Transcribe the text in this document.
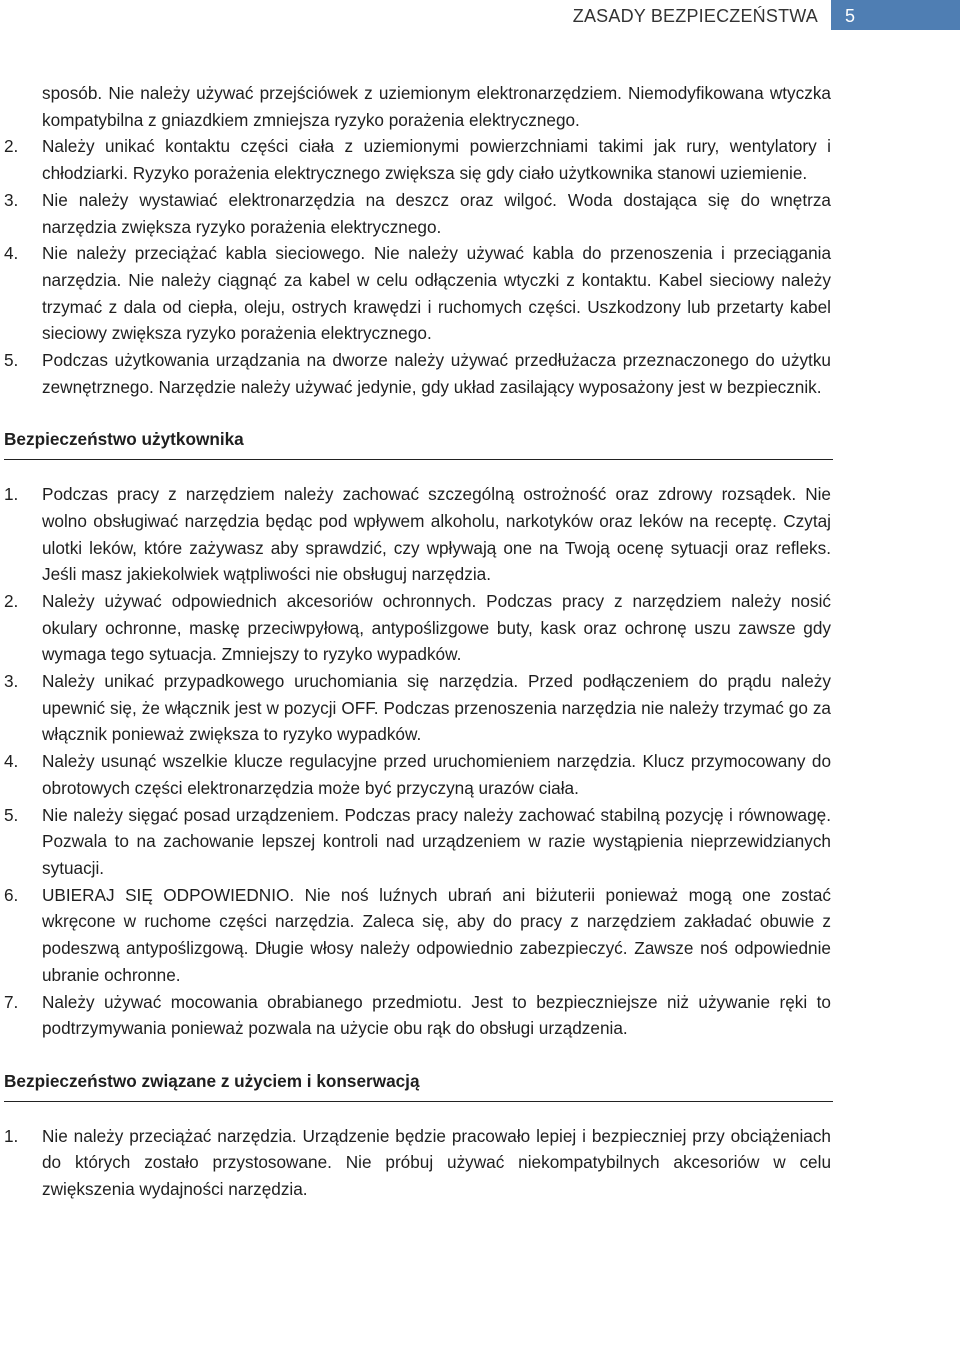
ZASADY BEZPIECZEŃSTWA	5

sposób. Nie należy używać przejściówek z uziemionym elektronarzędziem. Niemodyfikowana wtyczka kompatybilna z gniazdkiem zmniejsza ryzyko porażenia elektrycznego.

2. Należy unikać kontaktu części ciała z uziemionymi powierzchniami takimi jak rury, wentylatory i chłodziarki. Ryzyko porażenia elektrycznego zwiększa się gdy ciało użytkownika stanowi uziemienie.
3. Nie należy wystawiać elektronarzędzia na deszcz oraz wilgoć. Woda dostająca się do wnętrza narzędzia zwiększa ryzyko porażenia elektrycznego.
4. Nie należy przeciążać kabla sieciowego. Nie należy używać kabla do przenoszenia i przeciągania narzędzia. Nie należy ciągnąć za kabel w celu odłączenia wtyczki z kontaktu. Kabel sieciowy należy trzymać z dala od ciepła, oleju, ostrych krawędzi i ruchomych części. Uszkodzony lub przetarty kabel sieciowy zwiększa ryzyko porażenia elektrycznego.
5. Podczas użytkowania urządzania na dworze należy używać przedłużacza przeznaczonego do użytku zewnętrznego. Narzędzie należy używać jedynie, gdy układ zasilający wyposażony jest w bezpiecznik.
Bezpieczeństwo użytkownika
1. Podczas pracy z narzędziem należy zachować szczególną ostrożność oraz zdrowy rozsądek. Nie wolno obsługiwać narzędzia będąc pod wpływem alkoholu, narkotyków oraz leków na receptę. Czytaj ulotki leków, które zażywasz aby sprawdzić, czy wpływają one na Twoją ocenę sytuacji oraz refleks. Jeśli masz jakiekolwiek wątpliwości nie obsługuj narzędzia.
2. Należy używać odpowiednich akcesoriów ochronnych. Podczas pracy z narzędziem należy nosić okulary ochronne, maskę przeciwpyłową, antypoślizgowe buty, kask oraz ochronę uszu zawsze gdy wymaga tego sytuacja. Zmniejszy to ryzyko wypadków.
3. Należy unikać przypadkowego uruchomiania się narzędzia. Przed podłączeniem do prądu należy upewnić się, że włącznik jest w pozycji OFF. Podczas przenoszenia narzędzia nie należy trzymać go za włącznik ponieważ zwiększa to ryzyko wypadków.
4. Należy usunąć wszelkie klucze regulacyjne przed uruchomieniem narzędzia. Klucz przymocowany do obrotowych części elektronarzędzia może być przyczyną urazów ciała.
5. Nie należy sięgać posad urządzeniem. Podczas pracy należy zachować stabilną pozycję i równowagę. Pozwala to na zachowanie lepszej kontroli nad urządzeniem w razie wystąpienia nieprzewidzianych sytuacji.
6. UBIERAJ SIĘ ODPOWIEDNIO. Nie noś luźnych ubrań ani biżuterii ponieważ mogą one zostać wkręcone w ruchome części narzędzia. Zaleca się, aby do pracy z narzędziem zakładać obuwie z podeszwą antypoślizgową. Długie włosy należy odpowiednio zabezpieczyć. Zawsze noś odpowiednie ubranie ochronne.
7. Należy używać mocowania obrabianego przedmiotu. Jest to bezpieczniejsze niż używanie ręki to podtrzymywania ponieważ pozwala na użycie obu rąk do obsługi urządzenia.
Bezpieczeństwo związane z użyciem i konserwacją
1. Nie należy przeciążać narzędzia. Urządzenie będzie pracowało lepiej i bezpieczniej przy obciążeniach do których zostało przystosowane. Nie próbuj używać niekompatybilnych akcesoriów w celu zwiększenia wydajności narzędzia.
